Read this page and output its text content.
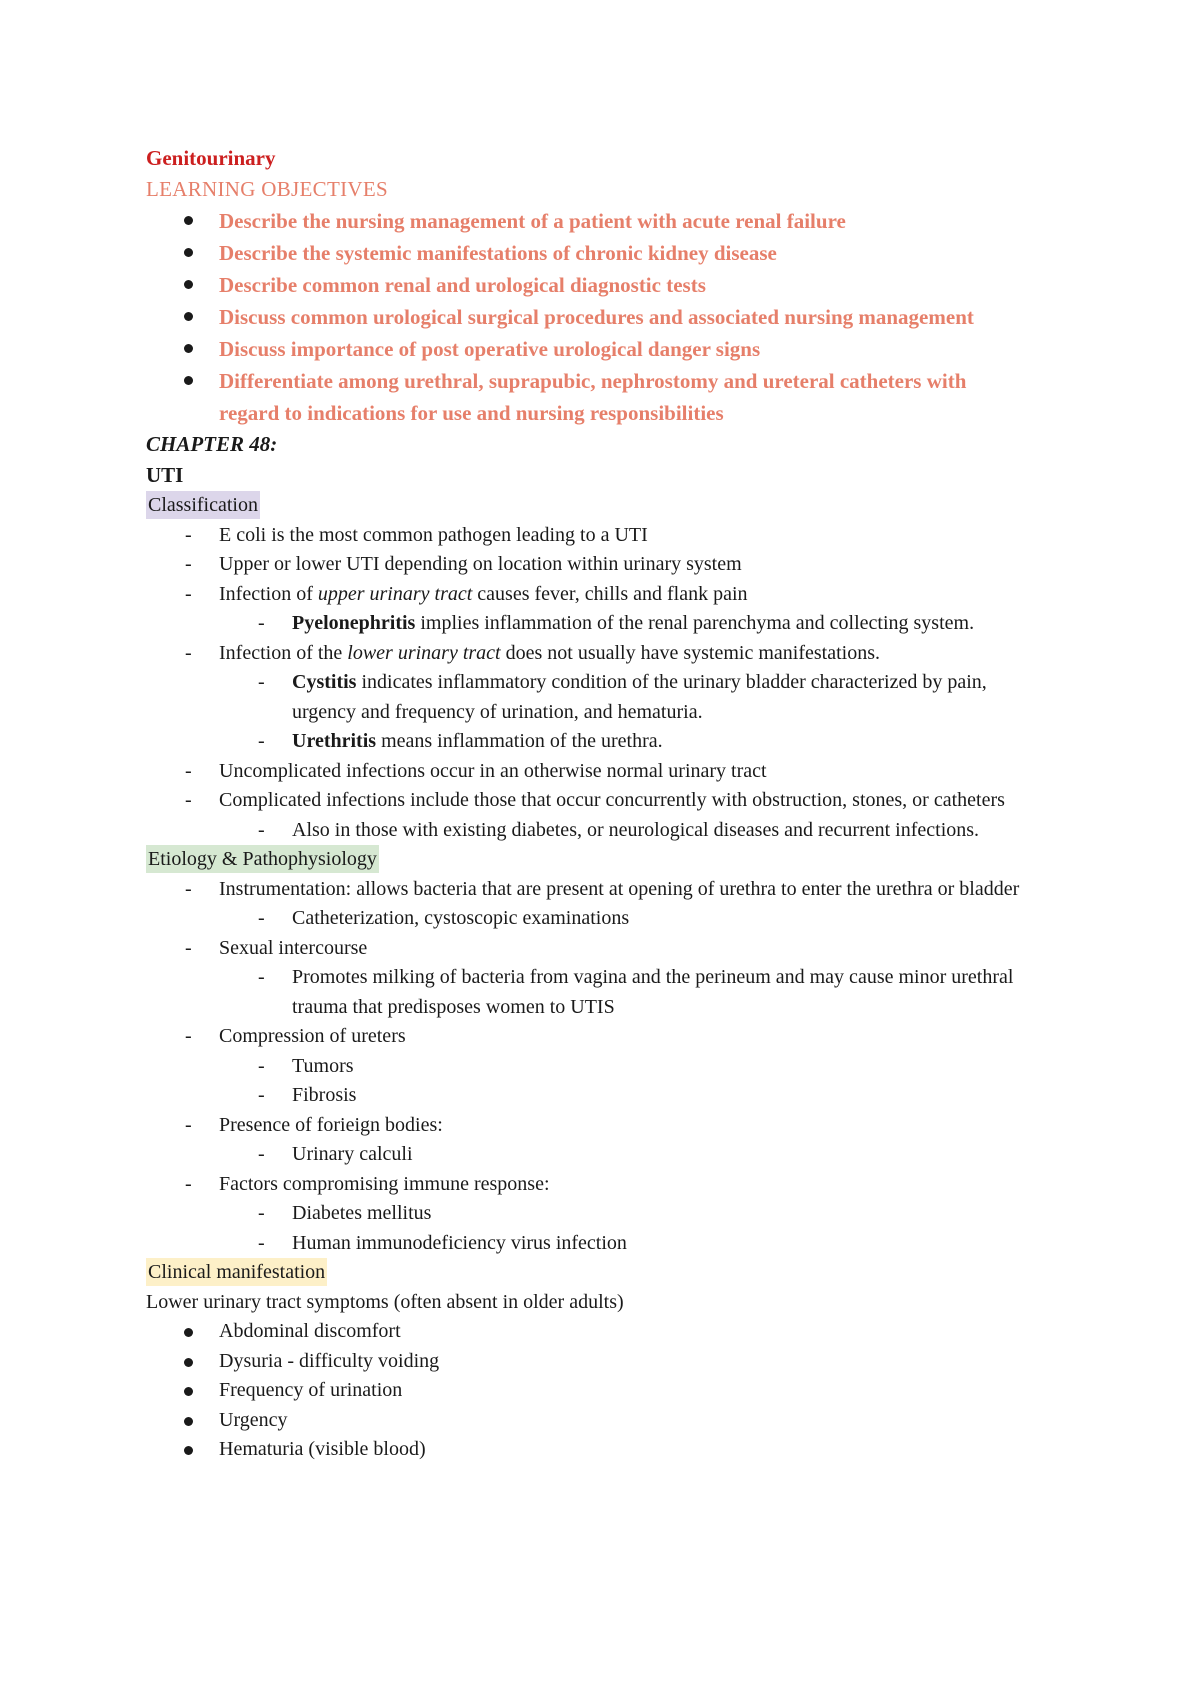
Genitourinary
LEARNING OBJECTIVES
Describe the nursing management of a patient with acute renal failure
Describe the systemic manifestations of chronic kidney disease
Describe common renal and urological diagnostic tests
Discuss common urological surgical procedures and associated nursing management
Discuss importance of post operative urological danger signs
Differentiate among urethral, suprapubic, nephrostomy and ureteral catheters with regard to indications for use and nursing responsibilities
CHAPTER 48:
UTI
Classification
- E coli is the most common pathogen leading to a UTI
- Upper or lower UTI depending on location within urinary system
- Infection of upper urinary tract causes fever, chills and flank pain
- Pyelonephritis implies inflammation of the renal parenchyma and collecting system.
- Infection of the lower urinary tract does not usually have systemic manifestations.
- Cystitis indicates inflammatory condition of the urinary bladder characterized by pain, urgency and frequency of urination, and hematuria.
- Urethritis means inflammation of the urethra.
- Uncomplicated infections occur in an otherwise normal urinary tract
- Complicated infections include those that occur concurrently with obstruction, stones, or catheters
- Also in those with existing diabetes, or neurological diseases and recurrent infections.
Etiology & Pathophysiology
- Instrumentation: allows bacteria that are present at opening of urethra to enter the urethra or bladder
- Catheterization, cystoscopic examinations
- Sexual intercourse
- Promotes milking of bacteria from vagina and the perineum and may cause minor urethral trauma that predisposes women to UTIS
- Compression of ureters
- Tumors
- Fibrosis
- Presence of forieign bodies:
- Urinary calculi
- Factors compromising immune response:
- Diabetes mellitus
- Human immunodeficiency virus infection
Clinical manifestation
Lower urinary tract symptoms (often absent in older adults)
Abdominal discomfort
Dysuria - difficulty voiding
Frequency of urination
Urgency
Hematuria (visible blood)
